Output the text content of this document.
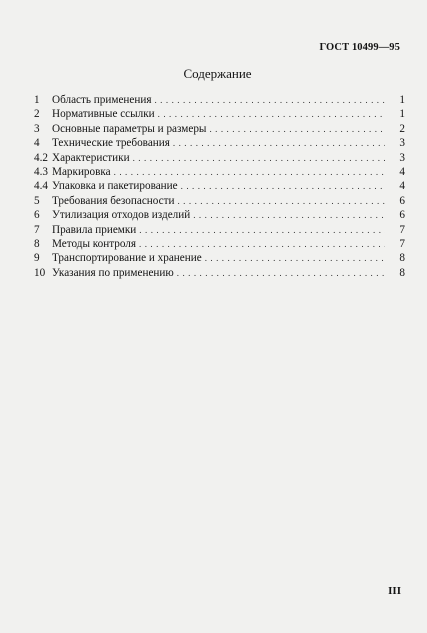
ГОСТ 10499—95
Содержание
1	Область применения . . .	1
2	Нормативные ссылки . . .	1
3	Основные параметры и размеры . . .	2
4	Технические требования . . .	3
4.2 Характеристики . . .	3
4.3 Маркировка . . .	4
4.4 Упаковка и пакетирование . . .	4
5	Требования безопасности . . .	6
6	Утилизация отходов изделий . . .	6
7	Правила приемки . . .	7
8	Методы контроля . . .	7
9	Транспортирование и хранение . . .	8
10 Указания по применению . . .	8
III
